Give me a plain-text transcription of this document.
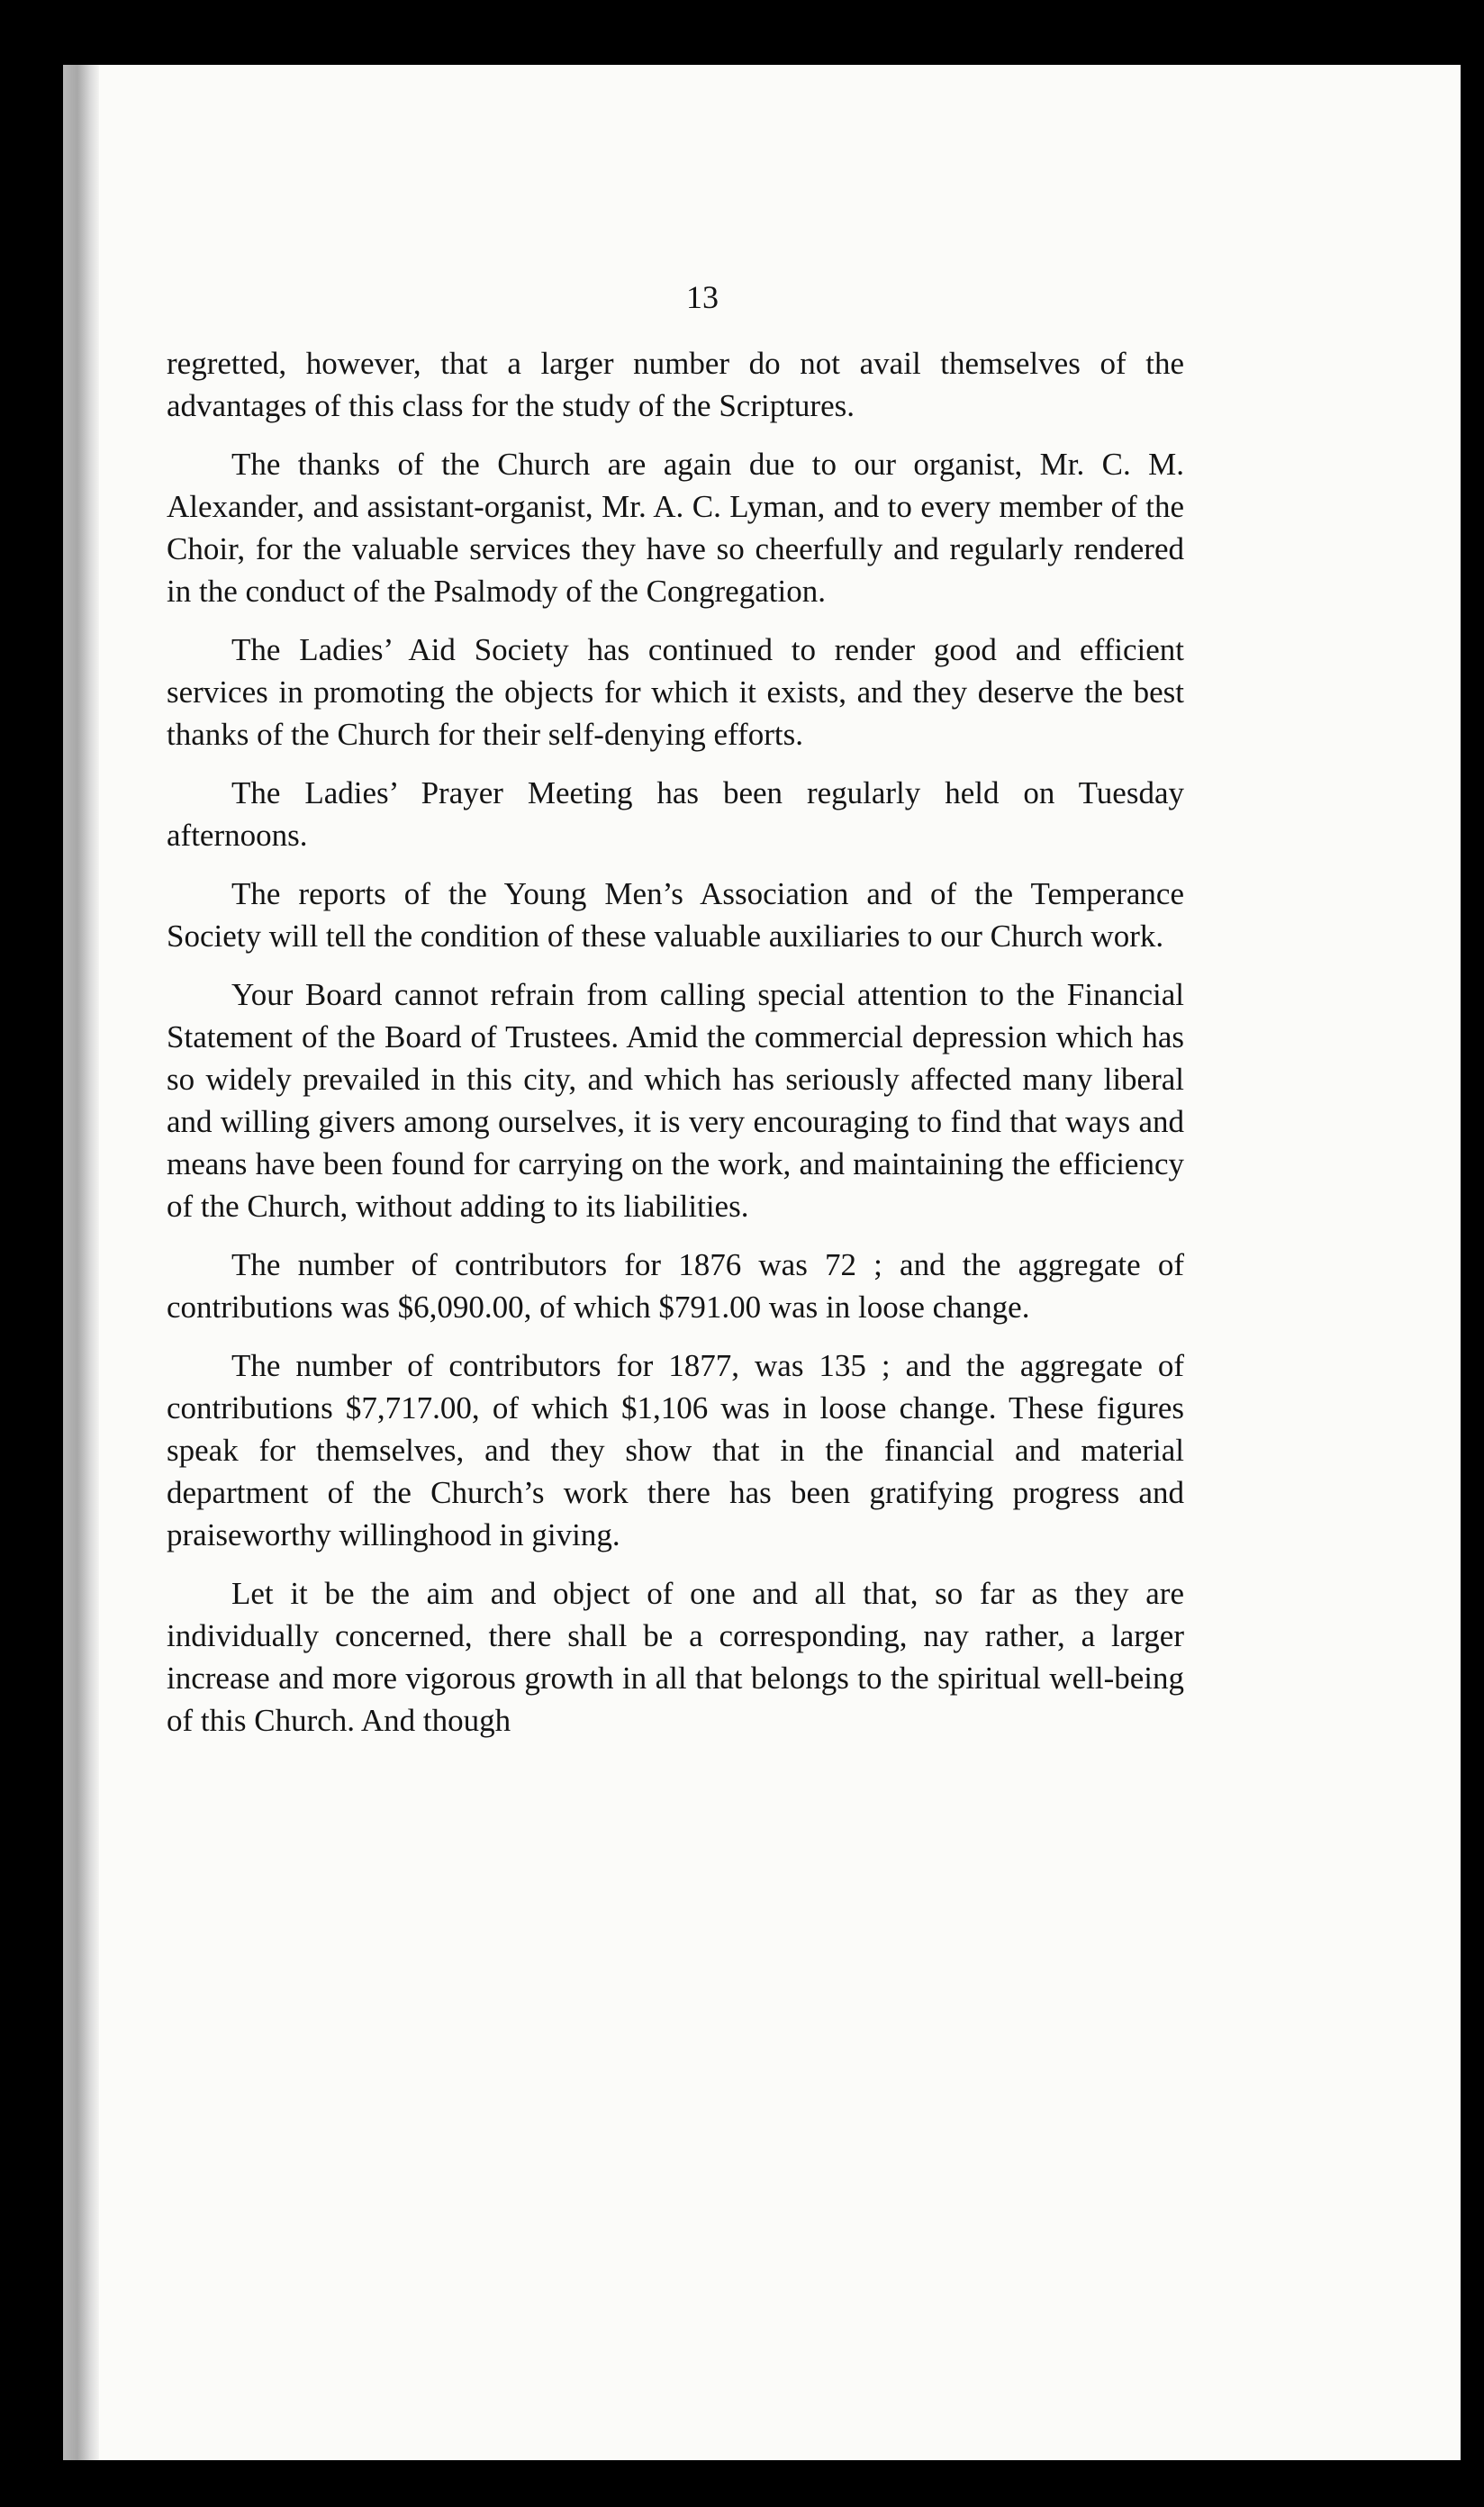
13

regretted, however, that a larger number do not avail themselves of the advantages of this class for the study of the Scriptures.

The thanks of the Church are again due to our organist, Mr. C. M. Alexander, and assistant-organist, Mr. A. C. Lyman, and to every member of the Choir, for the valuable services they have so cheerfully and regularly rendered in the conduct of the Psalmody of the Congregation.

The Ladies’ Aid Society has continued to render good and efficient services in promoting the objects for which it exists, and they deserve the best thanks of the Church for their self-denying efforts.

The Ladies’ Prayer Meeting has been regularly held on Tuesday afternoons.

The reports of the Young Men’s Association and of the Temperance Society will tell the condition of these valuable auxiliaries to our Church work.

Your Board cannot refrain from calling special attention to the Financial Statement of the Board of Trustees. Amid the commercial depression which has so widely prevailed in this city, and which has seriously affected many liberal and willing givers among ourselves, it is very encouraging to find that ways and means have been found for carrying on the work, and maintaining the efficiency of the Church, without adding to its liabilities.

The number of contributors for 1876 was 72 ; and the aggregate of contributions was $6,090.00, of which $791.00 was in loose change.

The number of contributors for 1877, was 135 ; and the aggregate of contributions $7,717.00, of which $1,106 was in loose change. These figures speak for themselves, and they show that in the financial and material department of the Church’s work there has been gratifying progress and praiseworthy willinghood in giving.

Let it be the aim and object of one and all that, so far as they are individually concerned, there shall be a corresponding, nay rather, a larger increase and more vigorous growth in all that belongs to the spiritual well-being of this Church. And though
